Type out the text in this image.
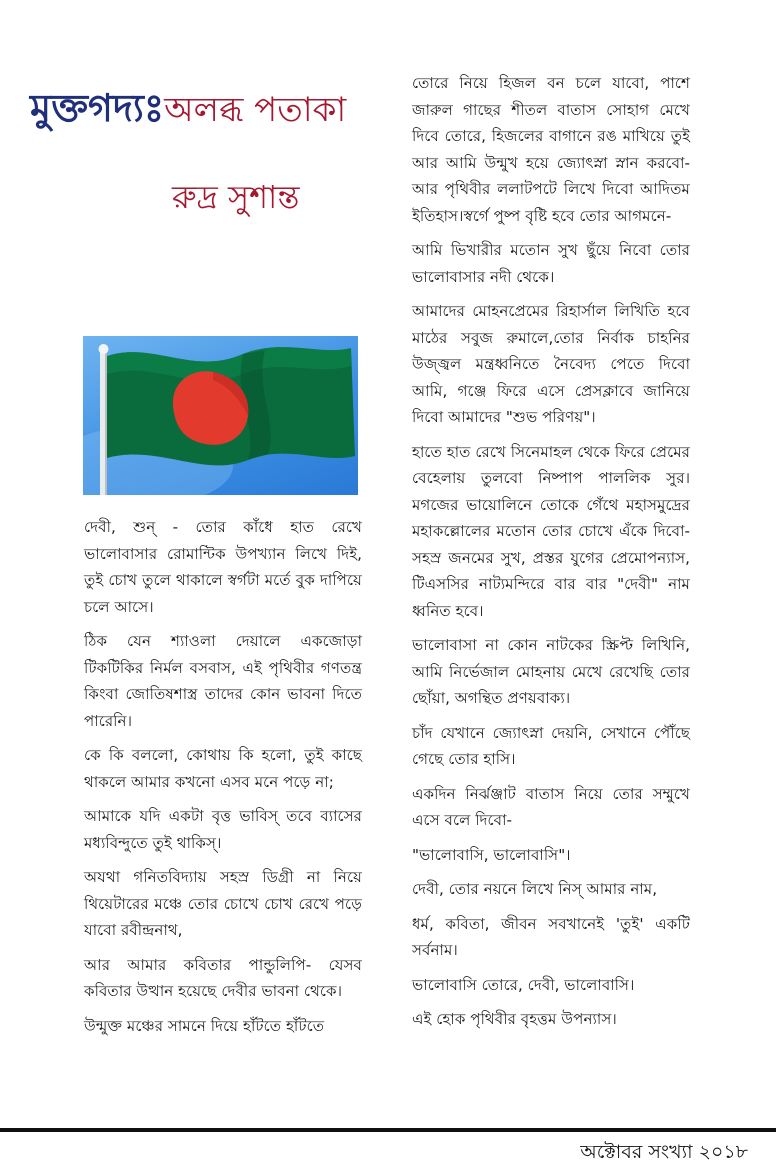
মুক্তগদ্যঃঅলব্ধ পতাকা
রুদ্র সুশান্ত

দেবী, শুন্ - তোর কাঁধে হাত রেখে ভালোবাসার রোমান্টিক উপখ্যান লিখে দিই, তুই চোখ তুলে থাকালে স্বর্গটা মর্তে বুক দাপিয়ে চলে আসে।

ঠিক যেন শ্যাওলা দেয়ালে একজোড়া টিকটিকির নির্মল বসবাস, এই পৃথিবীর গণতন্ত্র কিংবা জোতিষশাস্ত্র তাদের কোন ভাবনা দিতে পারেনি।

কে কি বললো, কোথায় কি হলো, তুই কাছে থাকলে আমার কখনো এসব মনে পড়ে না;

আমাকে যদি একটা বৃত্ত ভাবিস্ তবে ব্যাসের মধ্যবিন্দুতে তুই থাকিস্।

অযথা গনিতবিদ্যায় সহস্র ডিগ্রী না নিয়ে থিয়েটারের মঞ্চে তোর চোখে চোখ রেখে পড়ে যাবো রবীন্দ্রনাথ,

আর আমার কবিতার পান্ডুলিপি- যেসব কবিতার উত্থান হয়েছে দেবীর ভাবনা থেকে।

উন্মুক্ত মঞ্চের সামনে দিয়ে হাঁটতে হাঁটতে

তোরে নিয়ে হিজল বন চলে যাবো, পাশে জারুল গাছের শীতল বাতাস সোহাগ মেখে দিবে তোরে, হিজলের বাগানে রঙ মাখিয়ে তুই আর আমি উন্মুখ হয়ে জ্যোৎস্না স্নান করবো- আর পৃথিবীর ললাটপটে লিখে দিবো আদিতম ইতিহাস।স্বর্গে পুষ্প বৃষ্টি হবে তোর আগমনে-

আমি ভিখারীর মতোন সুখ ছুঁয়ে নিবো তোর ভালোবাসার নদী থেকে।

আমাদের মোহনপ্রেমের রিহার্সাল লিখিতি হবে মাঠের সবুজ রুমালে,তোর নির্বাক চাহনির উজ্জ্বল মন্ত্রধ্বনিতে নৈবেদ্য পেতে দিবো আমি, গঞ্জে ফিরে এসে প্রেসক্লাবে জানিয়ে দিবো আমাদের "শুভ পরিণয়"।

হাতে হাত রেখে সিনেমাহল থেকে ফিরে প্রেমের বেহেলায় তুলবো নিষ্পাপ পাললিক সুর। মগজের ভায়োলিনে তোকে গেঁথে মহাসমুদ্রের মহাকল্লোলের মতোন তোর চোখে এঁকে দিবো- সহস্র জনমের সুখ, প্রস্তর যুগের প্রেমোপন্যাস, টিএসসির নাট্যমন্দিরে বার বার "দেবী" নাম ধ্বনিত হবে।

ভালোবাসা না কোন নাটকের স্ক্রিপ্ট লিখিনি, আমি নির্ভেজাল মোহনায় মেখে রেখেছি তোর ছোঁয়া, অগন্থিত প্রণয়বাক্য।

চাঁদ যেখানে জ্যোৎস্না দেয়নি, সেখানে পৌঁছে গেছে তোর হাসি।

একদিন নির্ঝঞ্জাট বাতাস নিয়ে তোর সম্মুখে এসে বলে দিবো-

"ভালোবাসি, ভালোবাসি"।

দেবী, তোর নয়নে লিখে নিস্ আমার নাম,

ধর্ম, কবিতা, জীবন সবখানেই 'তুই' একটি সর্বনাম।

ভালোবাসি তোরে, দেবী, ভালোবাসি।

এই হোক পৃথিবীর বৃহত্তম উপন্যাস।

অক্টোবর সংখ্যা ২০১৮
